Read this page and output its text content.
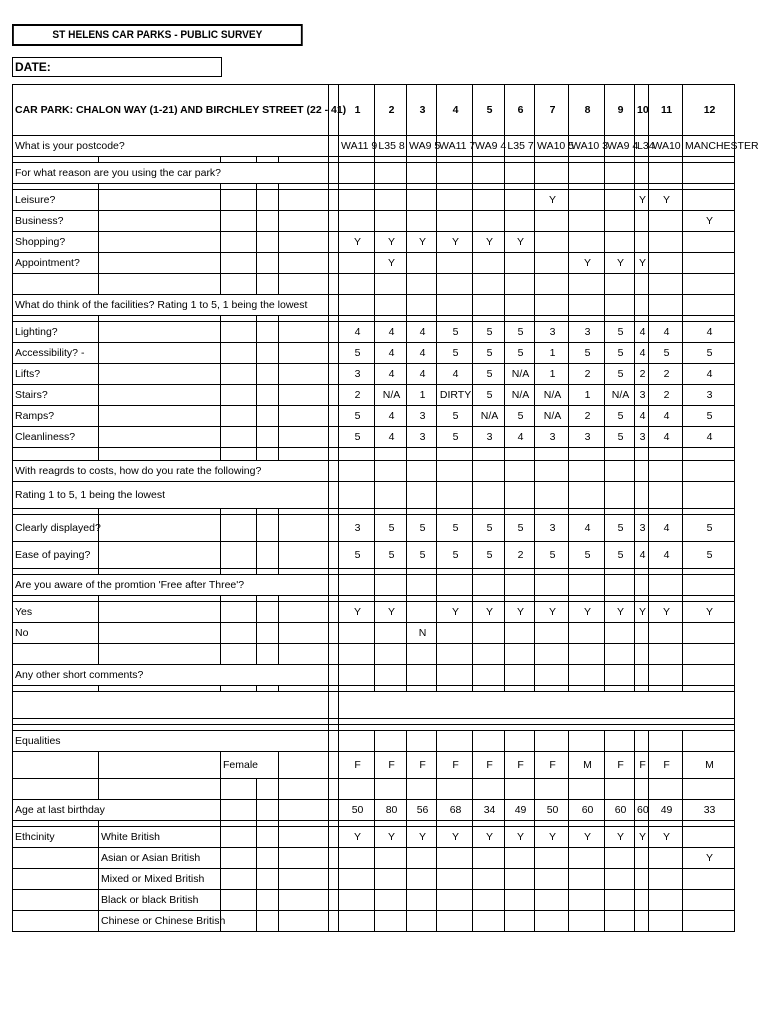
ST HELENS CAR PARKS - PUBLIC SURVEY
DATE:
CAR PARK: CHALON WAY (1-21) AND BIRCHLEY STREET (22 - 41)						1	2	3	4	5	6	7	8	9	10	11	12
What is your postcode?						WA11 9	L35 8	WA9 5	WA11 7	WA9 4	L35 7	WA10 5	WA10 3	WA9 4	L34	WA10	MANCHESTER

For what reason are you using the car park?																	

Leisure?												Y			Y	Y	
Business?																	Y
Shopping?						Y	Y	Y	Y	Y	Y						
Appointment?							Y						Y	Y	Y		

What do think of the facilities? Rating 1 to 5, 1 being the lowest																	

Lighting?						4	4	4	5	5	5	3	3	5	4	4	4
Accessibility? -						5	4	4	5	5	5	1	5	5	4	5	5
Lifts?						3	4	4	4	5	N/A	1	2	5	2	2	4
Stairs?						2	N/A	1	DIRTY	5	N/A	N/A	1	N/A	3	2	3
Ramps?						5	4	3	5	N/A	5	N/A	2	5	4	4	5
Cleanliness?						5	4	3	5	3	4	3	3	5	3	4	4

With reagrds to costs, how do you rate the following?																	
Rating 1 to 5, 1 being the lowest																	

Clearly displayed?						3	5	5	5	5	5	3	4	5	3	4	5
Ease of paying?						5	5	5	5	5	2	5	5	5	4	4	5

Are you aware of the promtion 'Free after Three'?																	

Yes						Y	Y		Y	Y	Y	Y	Y	Y	Y	Y	Y
No								N									

Any other short comments?																	

Equalities																	
		Female				F	F	F	F	F	F	F	M	F	F	F	M

Age at last birthday						50	80	56	68	34	49	50	60	60	60	49	33

Ethcinity	White British					Y	Y	Y	Y	Y	Y	Y	Y	Y	Y	Y	
	Asian or Asian British																Y
	Mixed or Mixed British																
	Black or black British																
	Chinese or Chinese British																
